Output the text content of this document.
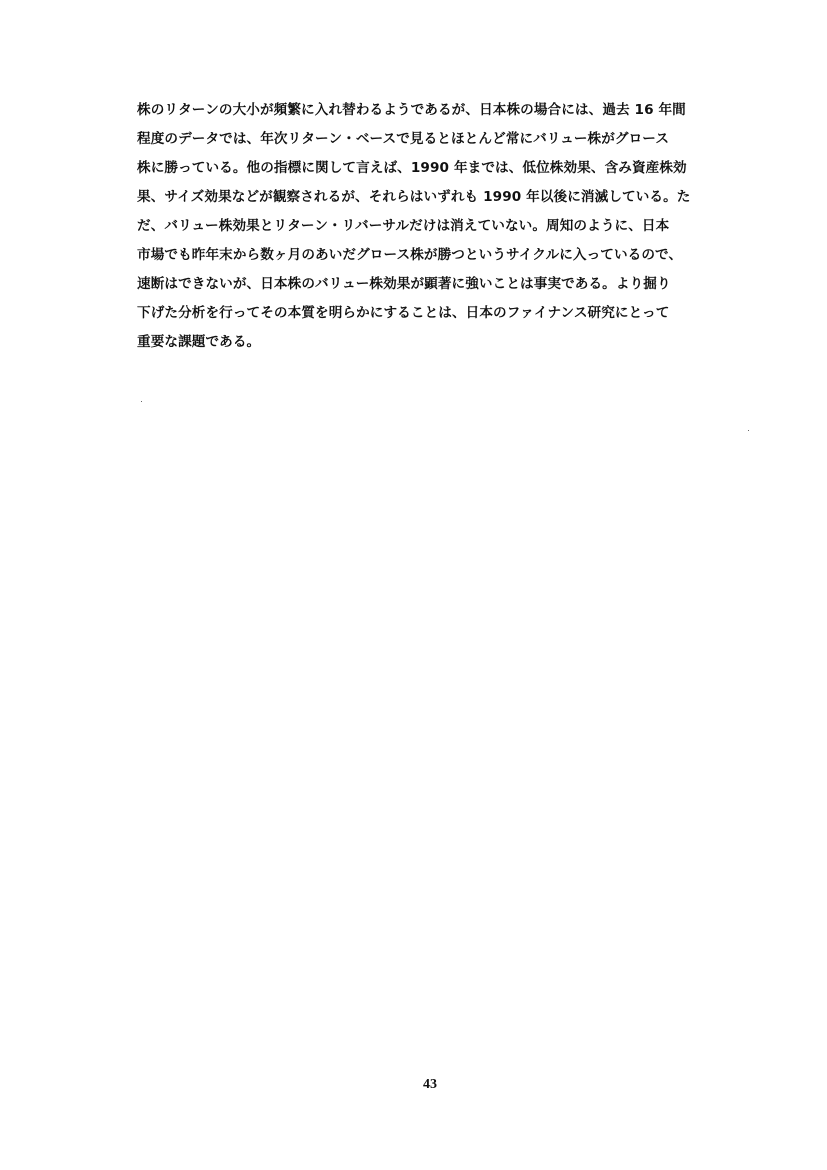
株のリターンの大小が頻繁に入れ替わるようであるが、日本株の場合には、過去 16 年間
程度のデータでは、年次リターン・ベースで見るとほとんど常にバリュー株がグロース
株に勝っている。他の指標に関して言えば、1990 年までは、低位株効果、含み資産株効
果、サイズ効果などが観察されるが、それらはいずれも 1990 年以後に消滅している。た
だ、バリュー株効果とリターン・リバーサルだけは消えていない。周知のように、日本
市場でも昨年末から数ヶ月のあいだグロース株が勝つというサイクルに入っているので、
速断はできないが、日本株のバリュー株効果が顕著に強いことは事実である。より掘り
下げた分析を行ってその本質を明らかにすることは、日本のファイナンス研究にとって
重要な課題である。
43
